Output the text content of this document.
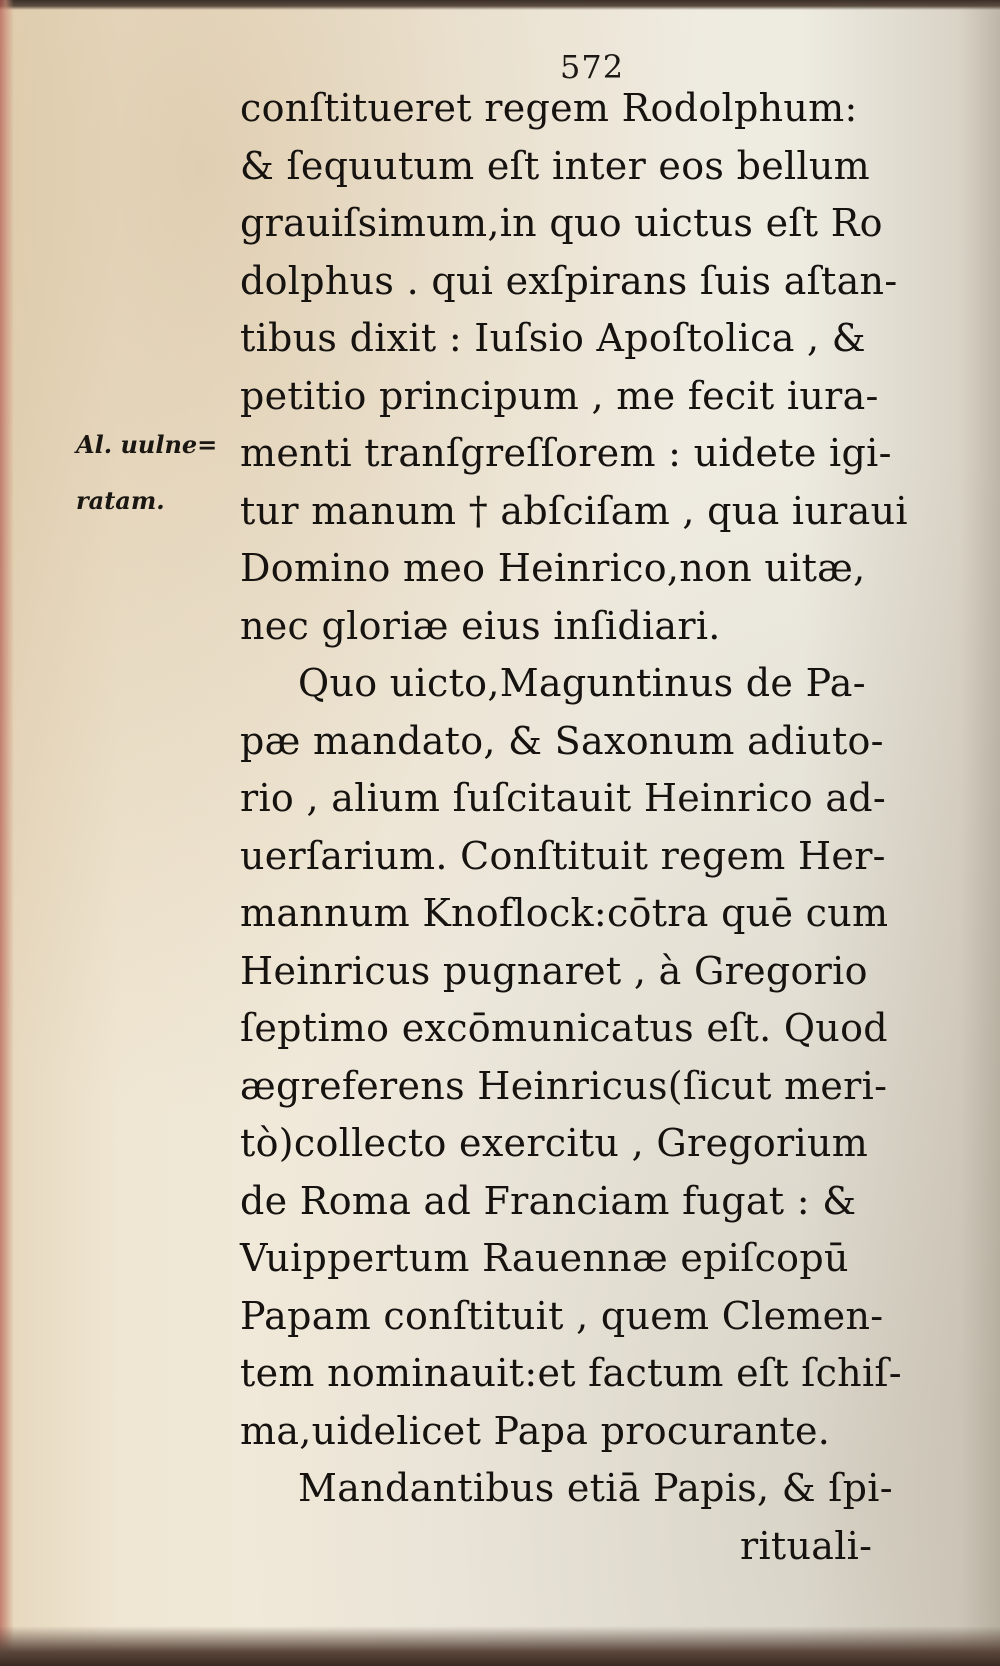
572
Al. uulne=
ratam.
conſtitueret regem Rodolphum:
& ſequutum eſt inter eos bellum
grauiſsimum,in quo uictus eſt Ro
dolphus . qui exſpirans ſuis aſtan-
tibus dixit : Iuſsio Apoſtolica , &
petitio principum , me fecit iura-
menti tranſgreſſorem : uidete igi-
tur manum † abſciſam , qua iuraui
Domino meo Heinrico,non uitæ,
nec gloriæ eius inſidiari.
Quo uicto,Maguntinus de Pa-
pæ mandato, & Saxonum adiuto-
rio , alium ſuſcitauit Heinrico ad-
uerſarium. Conſtituit regem Her-
mannum Knoflock:cōtra quē cum
Heinricus pugnaret , à Gregorio
ſeptimo excōmunicatus eſt. Quod
ægreferens Heinricus(ſicut meri-
tò)collecto exercitu , Gregorium
de Roma ad Franciam fugat : &
Vuippertum Rauennæ epiſcopū
Papam conſtituit , quem Clemen-
tem nominauit:et factum eſt ſchiſ-
ma,uidelicet Papa procurante.
Mandantibus etiā Papis, & ſpi-
rituali-
